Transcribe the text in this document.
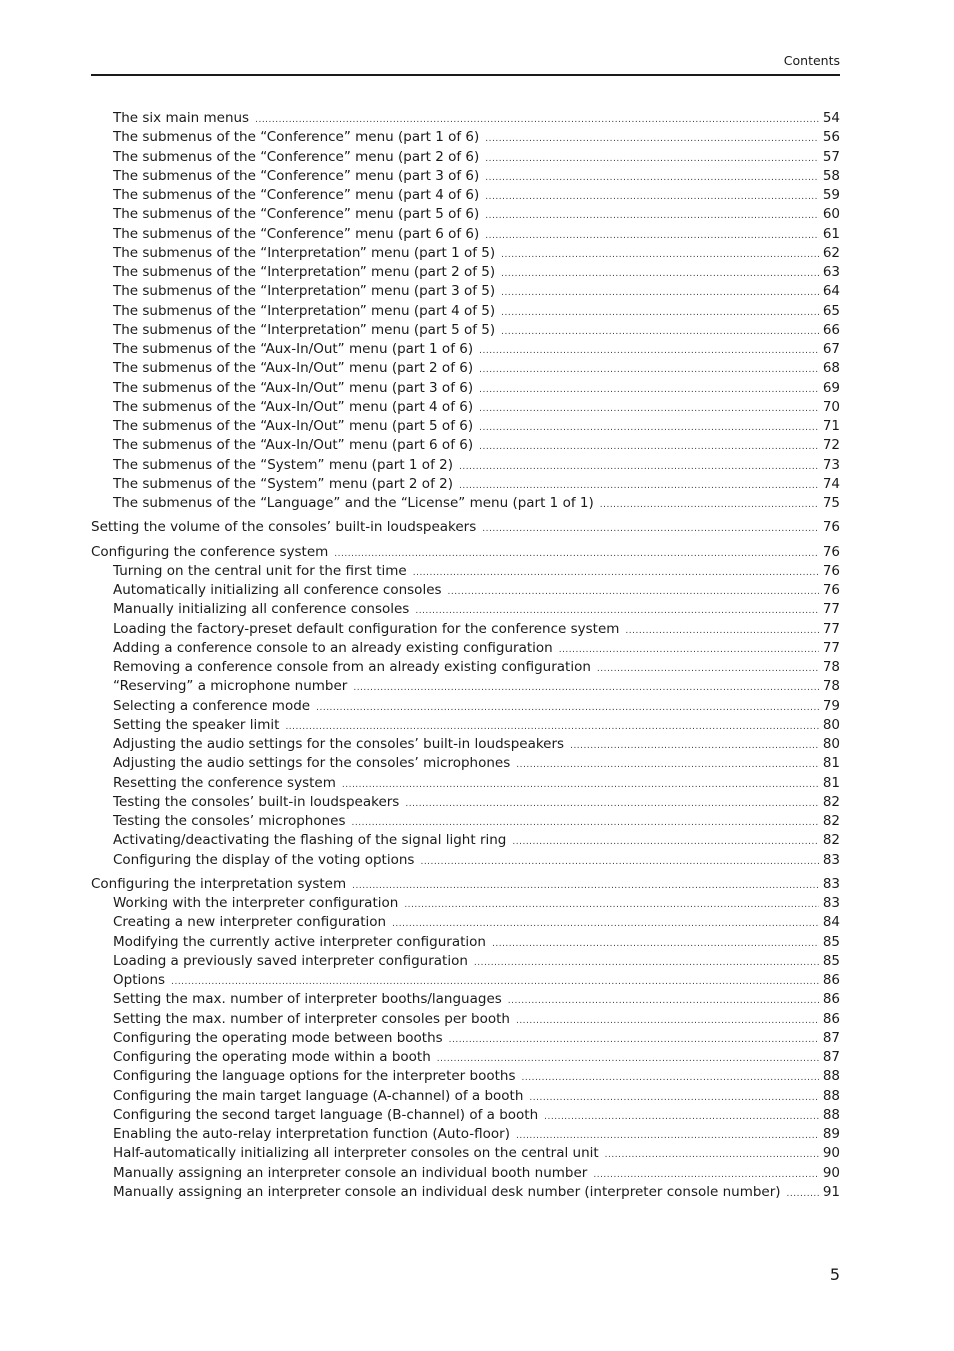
Contents
The six main menus .....	54
The submenus of the “Conference” menu (part 1 of 6) .....	56
The submenus of the “Conference” menu (part 2 of 6) .....	57
The submenus of the “Conference” menu (part 3 of 6) .....	58
The submenus of the “Conference” menu (part 4 of 6) .....	59
The submenus of the “Conference” menu (part 5 of 6) .....	60
The submenus of the “Conference” menu (part 6 of 6) .....	61
The submenus of the “Interpretation” menu (part 1 of 5) .....	62
The submenus of the “Interpretation” menu (part 2 of 5) .....	63
The submenus of the “Interpretation” menu (part 3 of 5) .....	64
The submenus of the “Interpretation” menu (part 4 of 5) .....	65
The submenus of the “Interpretation” menu (part 5 of 5) .....	66
The submenus of the “Aux-In/Out” menu (part 1 of 6) .....	67
The submenus of the “Aux-In/Out” menu (part 2 of 6) .....	68
The submenus of the “Aux-In/Out” menu (part 3 of 6) .....	69
The submenus of the “Aux-In/Out” menu (part 4 of 6) .....	70
The submenus of the “Aux-In/Out” menu (part 5 of 6) .....	71
The submenus of the “Aux-In/Out” menu (part 6 of 6) .....	72
The submenus of the “System” menu (part 1 of 2) .....	73
The submenus of the “System” menu (part 2 of 2) .....	74
The submenus of the “Language” and the “License” menu (part 1 of 1) .....	75
Setting the volume of the consoles’ built-in loudspeakers .....	76
Configuring the conference system .....	76
Turning on the central unit for the first time .....	76
Automatically initializing all conference consoles .....	76
Manually initializing all conference consoles .....	77
Loading the factory-preset default configuration for the conference system .....	77
Adding a conference console to an already existing configuration .....	77
Removing a conference console from an already existing configuration .....	78
“Reserving” a microphone number .....	78
Selecting a conference mode .....	79
Setting the speaker limit .....	80
Adjusting the audio settings for the consoles’ built-in loudspeakers .....	80
Adjusting the audio settings for the consoles’ microphones .....	81
Resetting the conference system .....	81
Testing the consoles’ built-in loudspeakers .....	82
Testing the consoles’ microphones .....	82
Activating/deactivating the flashing of the signal light ring .....	82
Configuring the display of the voting options .....	83
Configuring the interpretation system .....	83
Working with the interpreter configuration .....	83
Creating a new interpreter configuration .....	84
Modifying the currently active interpreter configuration .....	85
Loading a previously saved interpreter configuration .....	85
Options .....	86
Setting the max. number of interpreter booths/languages .....	86
Setting the max. number of interpreter consoles per booth .....	86
Configuring the operating mode between booths .....	87
Configuring the operating mode within a booth .....	87
Configuring the language options for the interpreter booths .....	88
Configuring the main target language (A-channel) of a booth .....	88
Configuring the second target language (B-channel) of a booth .....	88
Enabling the auto-relay interpretation function (Auto-floor) .....	89
Half-automatically initializing all interpreter consoles on the central unit .....	90
Manually assigning an interpreter console an individual booth number .....	90
Manually assigning an interpreter console an individual desk number (interpreter console number) .....	91
5
